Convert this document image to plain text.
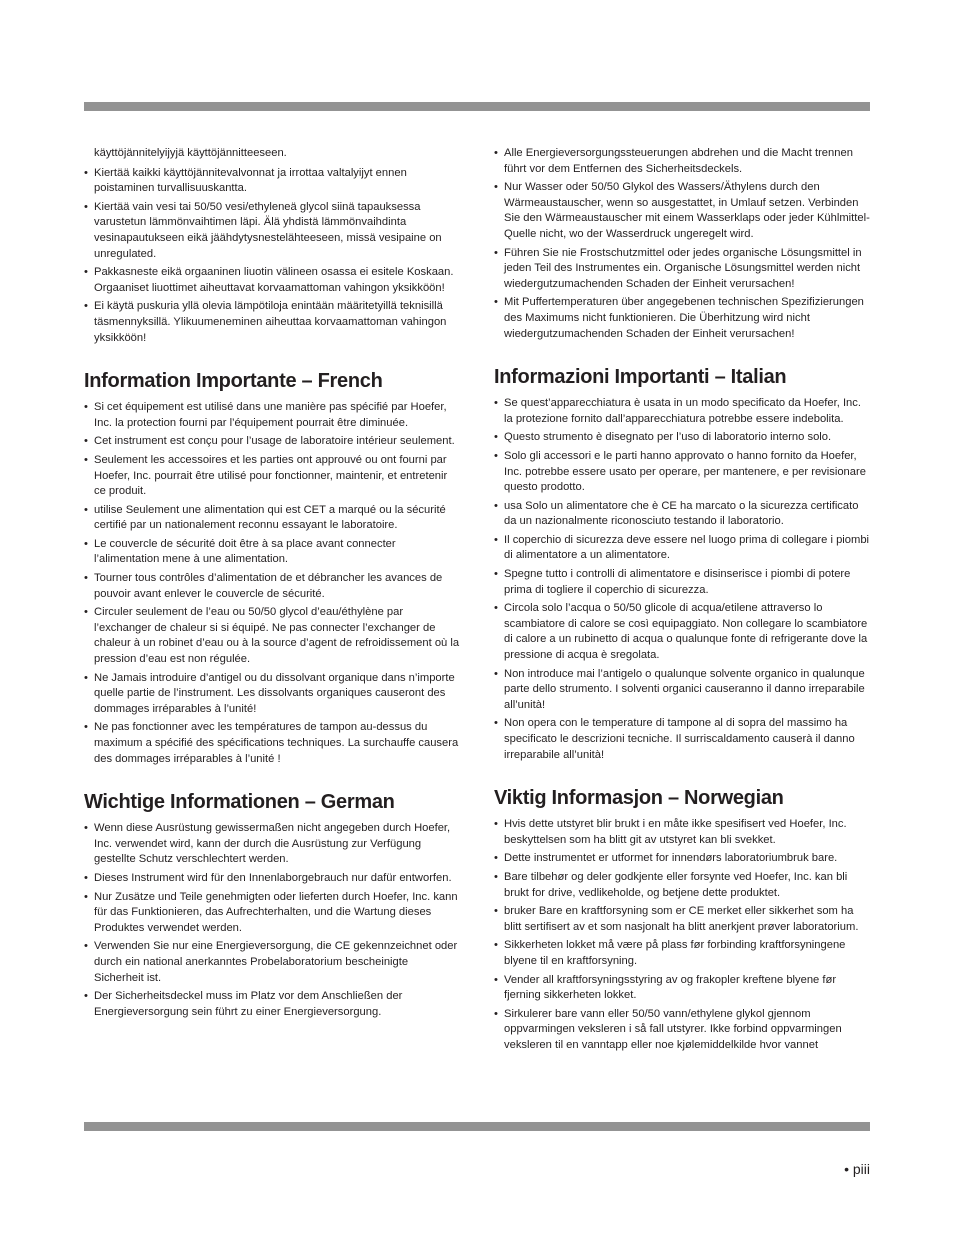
käyttöjännitelyijyjä käyttöjännitteeseen.

• Kiertää kaikki käyttöjännitevalvonnat ja irrottaa valtalyijyt ennen poistaminen turvallisuuskantta.
• Kiertää vain vesi tai 50/50 vesi/ethyleneä glycol siinä tapauksessa varustetun lämmönvaihtimen läpi. Älä yhdistä lämmönvaihdinta vesinapautukseen eikä jäähdytysnestelähteeseen, missä vesipaine on unregulated.
• Pakkasneste eikä orgaaninen liuotin välineen osassa ei esitele Koskaan. Orgaaniset liuottimet aiheuttavat korvaamattoman vahingon yksikköön!
• Ei käytä puskuria yllä olevia lämpötiloja enintään määritetyillä teknisillä täsmennyksillä. Ylikuumeneminen aiheuttaa korvaamattoman vahingon yksikköön!
Information Importante – French
• Si cet équipement est utilisé dans une manière pas spécifié par Hoefer, Inc. la protection fourni par l’équipement pourrait être diminuée.
• Cet instrument est conçu pour l’usage de laboratoire intérieur seulement.
• Seulement les accessoires et les parties ont approuvé ou ont fourni par Hoefer, Inc. pourrait être utilisé pour fonctionner, maintenir, et entretenir ce produit.
• utilise Seulement une alimentation qui est CET a marqué ou la sécurité certifié par un nationalement reconnu essayant le laboratoire.
• Le couvercle de sécurité doit être à sa place avant connecter l’alimentation mene à une alimentation.
• Tourner tous contrôles d’alimentation de et débrancher les avances de pouvoir avant enlever le couvercle de sécurité.
• Circuler seulement de l’eau ou 50/50 glycol d’eau/éthylène par l’exchanger de chaleur si si équipé. Ne pas connecter l’exchanger de chaleur à un robinet d’eau ou à la source d’agent de refroidissement où la pression d’eau est non régulée.
• Ne Jamais introduire d’antigel ou du dissolvant organique dans n’importe quelle partie de l’instrument. Les dissolvants organiques causeront des dommages irréparables à l’unité!
• Ne pas fonctionner avec les températures de tampon au-dessus du maximum a spécifié des spécifications techniques. La surchauffe causera des dommages irréparables à l’unité !
Wichtige Informationen – German
• Wenn diese Ausrüstung gewissermaßen nicht angegeben durch Hoefer, Inc. verwendet wird, kann der durch die Ausrüstung zur Verfügung gestellte Schutz verschlechtert werden.
• Dieses Instrument wird für den Innenlaborgebrauch nur dafür entworfen.
• Nur Zusätze und Teile genehmigten oder lieferten durch Hoefer, Inc. kann für das Funktionieren, das Aufrechterhalten, und die Wartung dieses Produktes verwendet werden.
• Verwenden Sie nur eine Energieversorgung, die CE gekennzeichnet oder durch ein national anerkanntes Probelaboratorium bescheinigte Sicherheit ist.
• Der Sicherheitsdeckel muss im Platz vor dem Anschließen der Energieversorgung sein führt zu einer Energieversorgung.
• Alle Energieversorgungssteuerungen abdrehen und die Macht trennen führt vor dem Entfernen des Sicherheitsdeckels.
• Nur Wasser oder 50/50 Glykol des Wassers/Äthylens durch den Wärmeaustauscher, wenn so ausgestattet, in Umlauf setzen. Verbinden Sie den Wärmeaustauscher mit einem Wasserklaps oder jeder Kühlmittel-Quelle nicht, wo der Wasserdruck ungeregelt wird.
• Führen Sie nie Frostschutzmittel oder jedes organische Lösungsmittel in jeden Teil des Instrumentes ein. Organische Lösungsmittel werden nicht wiedergutzumachenden Schaden der Einheit verursachen!
• Mit Puffertemperaturen über angegebenen technischen Spezifizierungen des Maximums nicht funktionieren. Die Überhitzung wird nicht wiedergutzumachenden Schaden der Einheit verursachen!
Informazioni Importanti – Italian
• Se quest’apparecchiatura è usata in un modo specificato da Hoefer, Inc. la protezione fornito dall’apparecchiatura potrebbe essere indebolita.
• Questo strumento è disegnato per l’uso di laboratorio interno solo.
• Solo gli accessori e le parti hanno approvato o hanno fornito da Hoefer, Inc. potrebbe essere usato per operare, per mantenere, e per revisionare questo prodotto.
• usa Solo un alimentatore che è CE ha marcato o la sicurezza certificato da un nazionalmente riconosciuto testando il laboratorio.
• Il coperchio di sicurezza deve essere nel luogo prima di collegare i piombi di alimentatore a un alimentatore.
• Spegne tutto i controlli di alimentatore e disinserisce i piombi di potere prima di togliere il coperchio di sicurezza.
• Circola solo l’acqua o 50/50 glicole di acqua/etilene attraverso lo scambiatore di calore se così equipaggiato. Non collegare lo scambiatore di calore a un rubinetto di acqua o qualunque fonte di refrigerante dove la pressione di acqua è sregolata.
• Non introduce mai l’antigelo o qualunque solvente organico in qualunque parte dello strumento. I solventi organici causeranno il danno irreparabile all’unità!
• Non opera con le temperature di tampone al di sopra del massimo ha specificato le descrizioni tecniche. Il surriscaldamento causerà il danno irreparabile all’unità!
Viktig Informasjon – Norwegian
• Hvis dette utstyret blir brukt i en måte ikke spesifisert ved Hoefer, Inc. beskyttelsen som ha blitt git av utstyret kan bli svekket.
• Dette instrumentet er utformet for innendørs laboratoriumbruk bare.
• Bare tilbehør og deler godkjente eller forsynte ved Hoefer, Inc. kan bli brukt for drive, vedlikeholde, og betjene dette produktet.
• bruker Bare en kraftforsyning som er CE merket eller sikkerhet som ha blitt sertifisert av et som nasjonalt ha blitt anerkjent prøver laboratorium.
• Sikkerheten lokket må være på plass før forbinding kraftforsyningene blyene til en kraftforsyning.
• Vender all kraftforsyningsstyring av og frakopler kreftene blyene før fjerning sikkerheten lokket.
• Sirkulerer bare vann eller 50/50 vann/ethylene glykol gjennom oppvarmingen veksleren i så fall utstyrer. Ikke forbind oppvarmingen veksleren til en vanntapp eller noe kjølemiddelkilde hvor vannet
• piii
